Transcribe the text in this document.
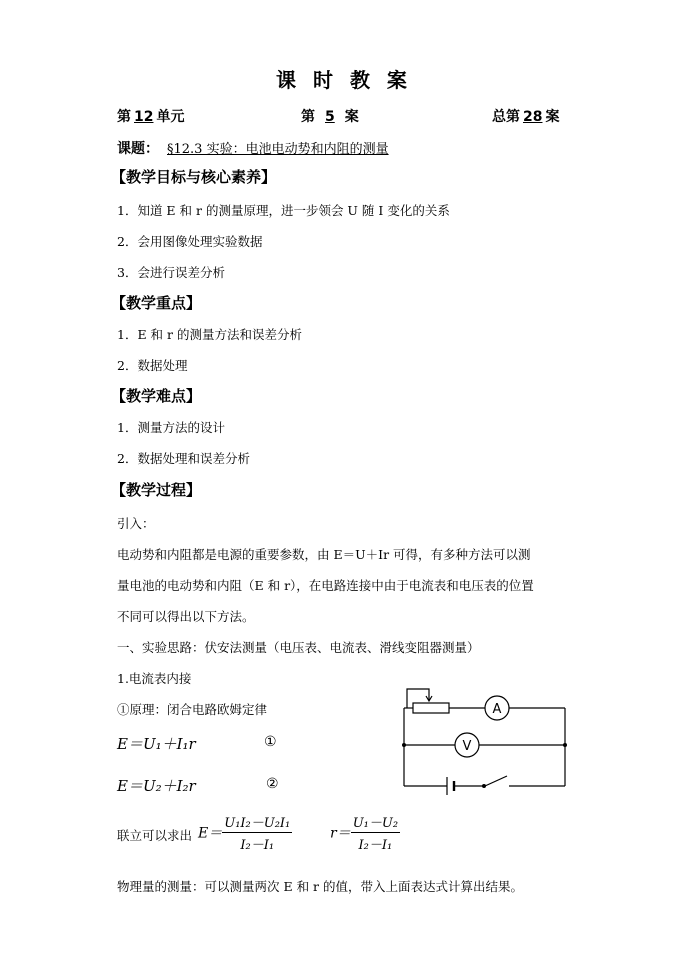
课 时 教 案
第 12 单元	第 5 案	总第 28 案
课题： §12.3 实验：电池电动势和内阻的测量
【教学目标与核心素养】
1．知道 E 和 r 的测量原理，进一步领会 U 随 I 变化的关系
2．会用图像处理实验数据
3．会进行误差分析
【教学重点】
1．E 和 r 的测量方法和误差分析
2．数据处理
【教学难点】
1．测量方法的设计
2．数据处理和误差分析
【教学过程】
引入：
电动势和内阻都是电源的重要参数，由 E＝U＋Ir 可得，有多种方法可以测
量电池的电动势和内阻（E 和 r），在电路连接中由于电流表和电压表的位置
不同可以得出以下方法。
一、实验思路：伏安法测量（电压表、电流表、滑线变阻器测量）
1.电流表内接
①原理：闭合电路欧姆定律
E＝U₁＋I₁r	①
E＝U₂＋I₂r	②
联立可以求出 $E= \frac{\text{U₁I₂－U₂I₁}}{\text{I₂－I₁}}$	$r= \frac{\text{U₁－U₂}}{\text{I₂－I₁}}$
物理量的测量：可以测量两次 E 和 r 的值，带入上面表达式计算出结果。
A
V
